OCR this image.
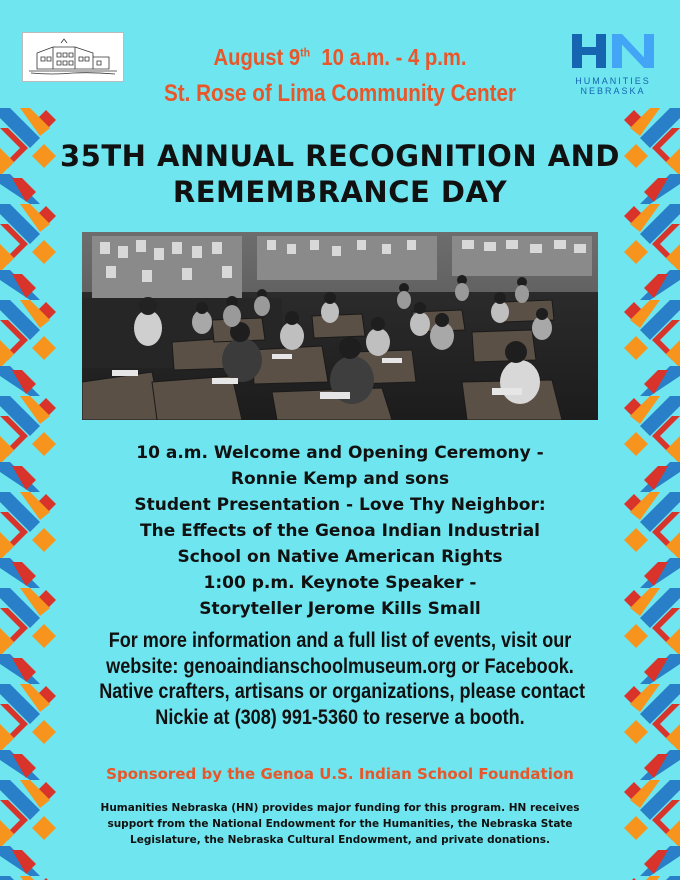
HUMANITIES
NEBRASKA
August 9th 10 a.m. - 4 p.m.
St. Rose of Lima Community Center
35TH ANNUAL RECOGNITION AND
REMEMBRANCE DAY
10 a.m. Welcome and Opening Ceremony -
Ronnie Kemp and sons
Student Presentation - Love Thy Neighbor:
The Effects of the Genoa Indian Industrial
School on Native American Rights
1:00 p.m. Keynote Speaker -
Storyteller Jerome Kills Small
For more information and a full list of events, visit our
website: genoaindianschoolmuseum.org or Facebook.
Native crafters, artisans or organizations, please contact
Nickie at (308) 991-5360 to reserve a booth.
Sponsored by the Genoa U.S. Indian School Foundation
Humanities Nebraska (HN) provides major funding for this program. HN receives
support from the National Endowment for the Humanities, the Nebraska State
Legislature, the Nebraska Cultural Endowment, and private donations.
